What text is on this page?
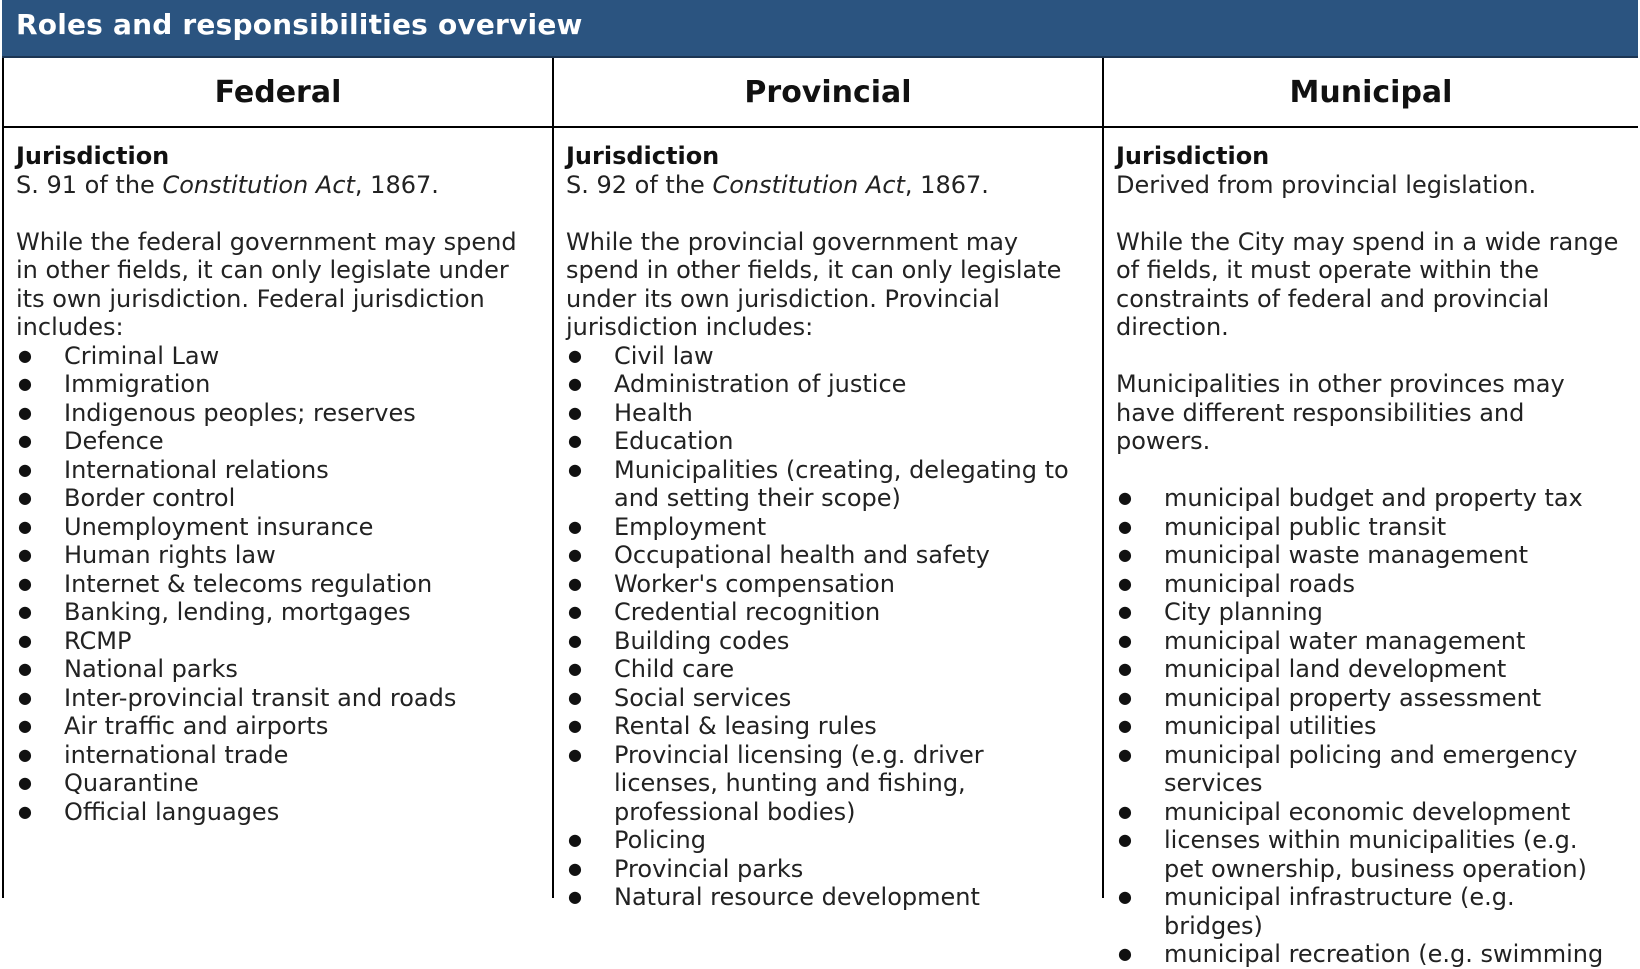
Roles and responsibilities overview
Federal
Jurisdiction
S. 91 of the Constitution Act, 1867.
While the federal government may spend in other fields, it can only legislate under its own jurisdiction. Federal jurisdiction includes:
● Criminal Law
● Immigration
● Indigenous peoples; reserves
● Defence
● International relations
● Border control
● Unemployment insurance
● Human rights law
● Internet & telecoms regulation
● Banking, lending, mortgages
● RCMP
● National parks
● Inter-provincial transit and roads
● Air traffic and airports
● international trade
● Quarantine
● Official languages
Provincial
Jurisdiction
S. 92 of the Constitution Act, 1867.
While the provincial government may spend in other fields, it can only legislate under its own jurisdiction. Provincial jurisdiction includes:
● Civil law
● Administration of justice
● Health
● Education
● Municipalities (creating, delegating to and setting their scope)
● Employment
● Occupational health and safety
● Worker's compensation
● Credential recognition
● Building codes
● Child care
● Social services
● Rental & leasing rules
● Provincial licensing (e.g. driver licenses, hunting and fishing, professional bodies)
● Policing
● Provincial parks
● Natural resource development
Municipal
Jurisdiction
Derived from provincial legislation.
While the City may spend in a wide range of fields, it must operate within the constraints of federal and provincial direction.
Municipalities in other provinces may have different responsibilities and powers.
● municipal budget and property tax
● municipal public transit
● municipal waste management
● municipal roads
● City planning
● municipal water management
● municipal land development
● municipal property assessment
● municipal utilities
● municipal policing and emergency services
● municipal economic development
● licenses within municipalities (e.g. pet ownership, business operation)
● municipal infrastructure (e.g. bridges)
● municipal recreation (e.g. swimming
